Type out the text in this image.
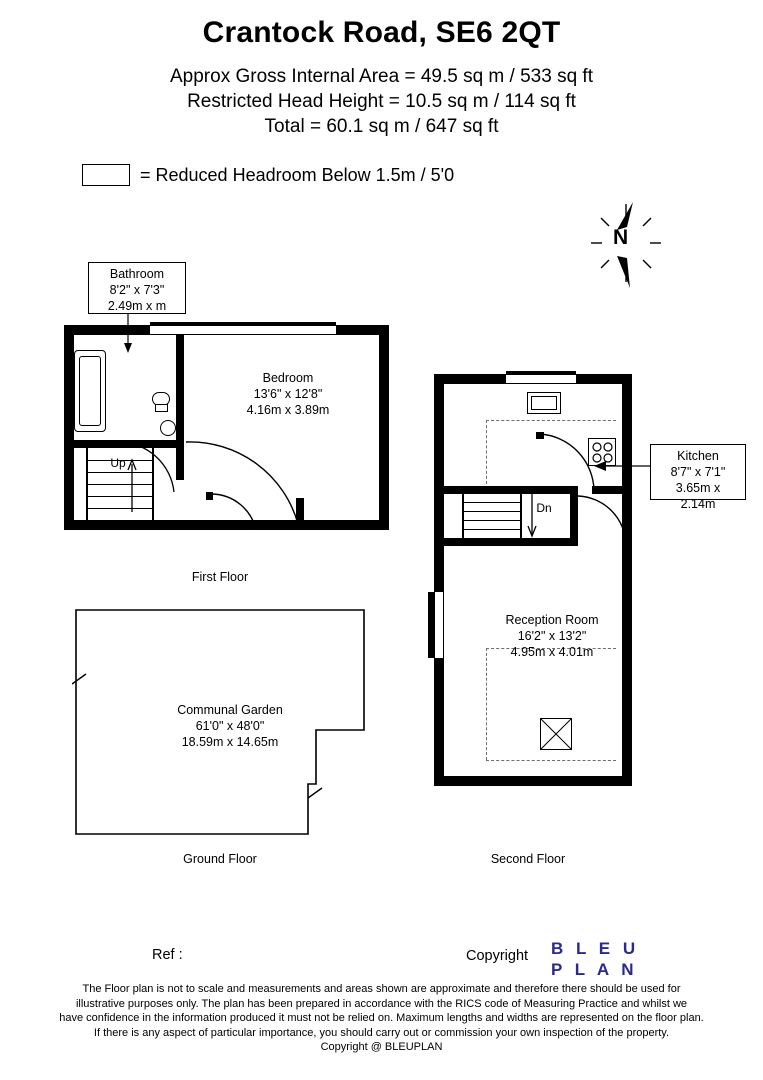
Crantock Road, SE6 2QT
Approx Gross Internal Area = 49.5 sq m / 533 sq ft
Restricted Head Height = 10.5 sq m / 114 sq ft
Total = 60.1 sq m / 647 sq ft
= Reduced Headroom Below 1.5m / 5'0
N
Up
Bedroom
13'6" x 12'8"
4.16m x 3.89m
Bathroom
8'2" x 7'3"
2.49m x m
First Floor
Dn
Kitchen
8'7" x 7'1"
3.65m x 2.14m
Reception Room
16'2" x 13'2"
4.95m x 4.01m
Second Floor
Communal Garden
61'0" x 48'0"
18.59m x 14.65m
Ground Floor
Ref :	Copyright B L E U
P L A N
The Floor plan is not to scale and measurements and areas shown are approximate and therefore there should be used for
illustrative purposes only. The plan has been prepared in accordance with the RICS code of Measuring Practice and whilst we
have confidence in the information produced it must not be relied on. Maximum lengths and widths are represented on the floor plan.
If there is any aspect of particular importance, you should carry out or commission your own inspection of the property.
Copyright @ BLEUPLAN
